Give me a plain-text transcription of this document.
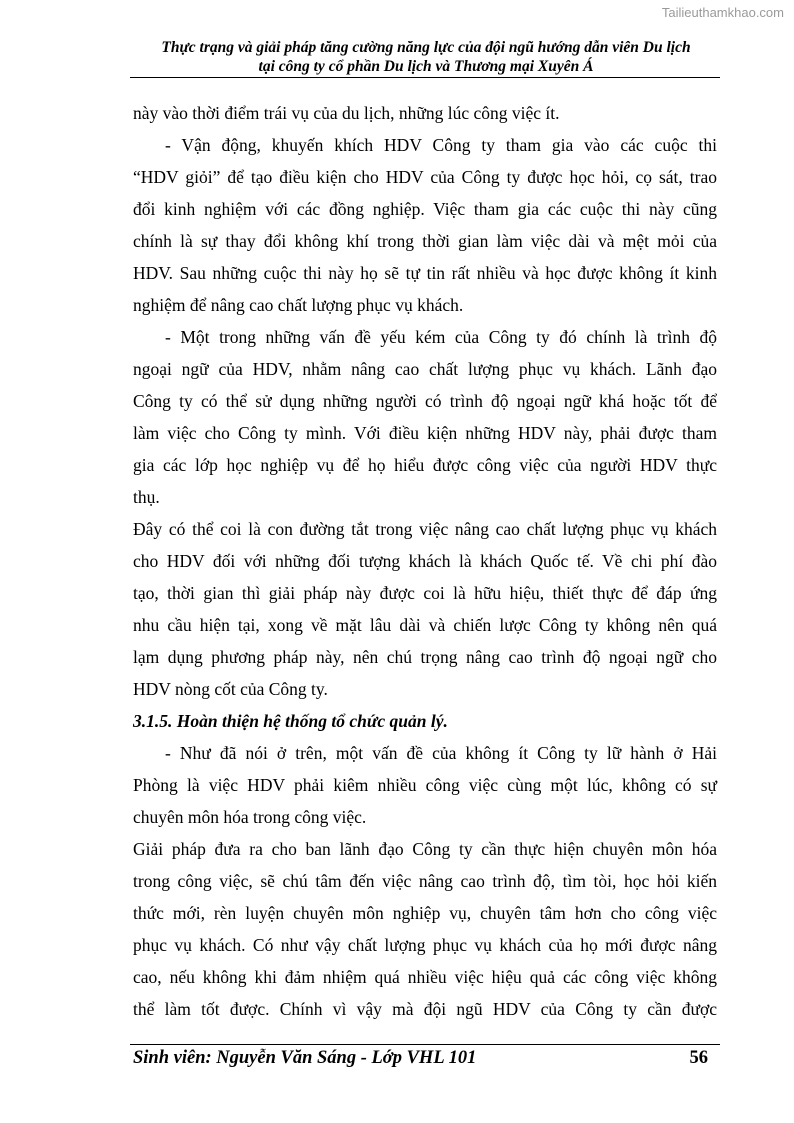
Tailieuthamkhao.com
Thực trạng và giải pháp tăng cường năng lực của đội ngũ hướng dẫn viên Du lịch
tại công ty cổ phần Du lịch và Thương mại Xuyên Á
này vào thời điểm trái vụ của du lịch, những lúc công việc ít.
- Vận động, khuyến khích HDV Công ty tham gia vào các cuộc thi
“HDV giỏi” để tạo điều kiện cho HDV của Công ty được học hỏi, cọ sát, trao
đổi kinh nghiệm với các đồng nghiệp. Việc tham gia các cuộc thi này cũng
chính là sự thay đổi không khí trong thời gian làm việc dài và mệt mỏi của
HDV. Sau những cuộc thi này họ sẽ tự tin rất nhiều và học được không ít kinh
nghiệm để nâng cao chất lượng phục vụ khách.
- Một trong những vấn đề yếu kém của Công ty đó chính là trình độ
ngoại ngữ của HDV, nhằm nâng cao chất lượng phục vụ khách. Lãnh đạo
Công ty có thể sử dụng những người có trình độ ngoại ngữ khá hoặc tốt để
làm việc cho Công ty mình. Với điều kiện những HDV này, phải được tham
gia các lớp học nghiệp vụ để họ hiểu được công việc của người HDV thực
thụ.
Đây có thể coi là con đường tắt trong việc nâng cao chất lượng phục vụ khách
cho HDV đối với những đối tượng khách là khách Quốc tế. Về chi phí đào
tạo, thời gian thì giải pháp này được coi là hữu hiệu, thiết thực để đáp ứng
nhu cầu hiện tại, xong về mặt lâu dài và chiến lược Công ty không nên quá
lạm dụng phương pháp này, nên chú trọng nâng cao trình độ ngoại ngữ cho
HDV nòng cốt của Công ty.
3.1.5. Hoàn thiện hệ thống tổ chức quản lý.
- Như đã nói ở trên, một vấn đề của không ít Công ty lữ hành ở Hải
Phòng là việc HDV phải kiêm nhiều công việc cùng một lúc, không có sự
chuyên môn hóa trong công việc.
Giải pháp đưa ra cho ban lãnh đạo Công ty cần thực hiện chuyên môn hóa
trong công việc, sẽ chú tâm đến việc nâng cao trình độ, tìm tòi, học hỏi kiến
thức mới, rèn luyện chuyên môn nghiệp vụ, chuyên tâm hơn cho công việc
phục vụ khách. Có như vậy chất lượng phục vụ khách của họ mới được nâng
cao, nếu không khi đảm nhiệm quá nhiều việc hiệu quả các công việc không
thể làm tốt được. Chính vì vậy mà đội ngũ HDV của Công ty cần được
Sinh viên: Nguyễn Văn Sáng - Lớp VHL 101	56
